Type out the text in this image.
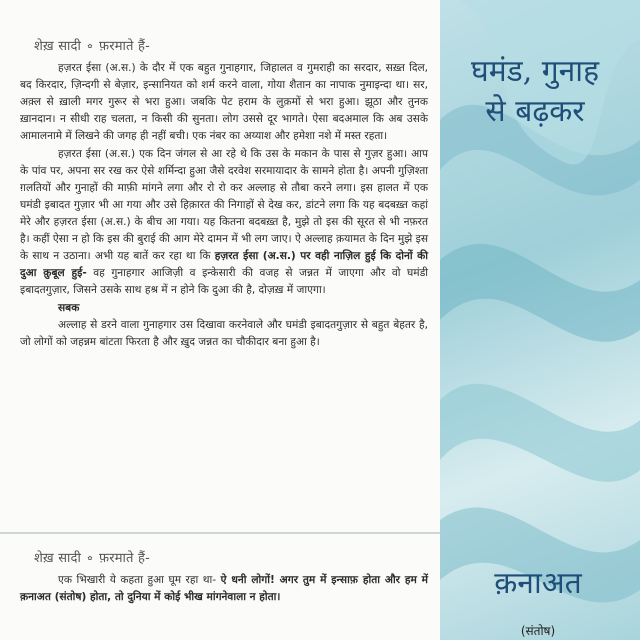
शेख़ सादी ✿ फ़रमाते हैं-

हज़रत ईसा (अ.स.) के दौर में एक बहुत गुनाहगार, जिहालत व गुमराही का सरदार, सख़्त दिल, बद किरदार, ज़िन्दगी से बेज़ार, इन्सानियत को शर्म करने वाला, गोया शैतान का नापाक नुमाइन्दा था। सर, अक़्ल से ख़ाली मगर गुरूर से भरा हुआ। जबकि पेट हराम के लुक़मों से भरा हुआ। झूठा और तुनक ख़ानदान। न सीधी राह चलता, न किसी की सुनता। लोग उससे दूर भागते। ऐसा बदअमाल कि अब उसके आमालनामे में लिखने की जगह ही नहीं बची। एक नंबर का अय्याश और हमेशा नशे में मस्त रहता।

हज़रत ईसा (अ.स.) एक दिन जंगल से आ रहे थे कि उस के मकान के पास से गुज़र हुआ। आप के पांव पर, अपना सर रख कर ऐसे शर्मिन्दा हुआ जैसे दरवेश सरमायादार के सामने होता है। अपनी गुज़िश्ता ग़लतियों और गुनाहों की माफ़ी मांगने लगा और रो रो कर अल्लाह से तौबा करने लगा। इस हालत में एक घमंडी इबादत गुज़ार भी आ गया और उसे हिक़ारत की निगाहों से देख कर, डांटने लगा कि यह बदबख़्त कहां मेरे और हज़रत ईसा (अ.स.) के बीच आ गया। यह कितना बदबख़्त है, मुझे तो इस की सूरत से भी नफ़रत है। कहीं ऐसा न हो कि इस की बुराई की आग मेरे दामन में भी लग जाए। ऐ अल्लाह क़यामत के दिन मुझे इस के साथ न उठाना। अभी यह बातें कर रहा था कि हज़रत ईसा (अ.स.) पर वही नाज़िल हुई कि दोनों की दुआ क़ुबूल हुई- वह गुनाहगार आजिज़ी व इन्केसारी की वजह से जन्नत में जाएगा और वो घमंडी इबादतगुज़ार, जिसने उसके साथ हश्र में न होने कि दुआ की है, दोज़ख़ में जाएगा।

सबक

अल्लाह से डरने वाला गुनाहगार उस दिखावा करनेवाले और घमंडी इबादतगुज़ार से बहुत बेहतर है, जो लोगों को जहन्नम बांटता फिरता है और ख़ुद जन्नत का चौकीदार बना हुआ है।

शेख़ सादी ✿ फ़रमाते हैं-

एक भिखारी ये कहता हुआ घूम रहा था- ऐ धनी लोगों! अगर तुम में इन्साफ़ होता और हम में क़नाअत (संतोष) होता, तो दुनिया में कोई भीख मांगनेवाला न होता।

घमंड, गुनाह से बढ़कर
क़नाअत
(संतोष)
